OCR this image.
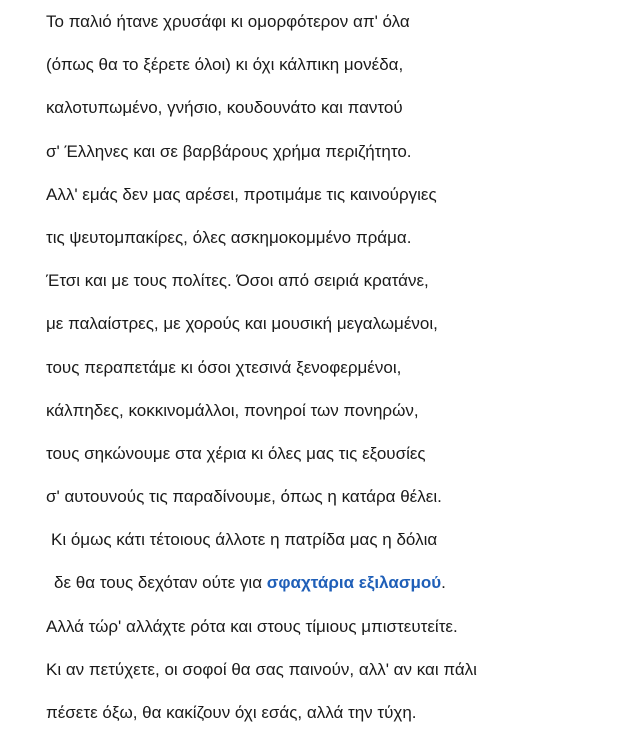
Το παλιό ήτανε χρυσάφι κι ομορφότερον απ' όλα
(όπως θα το ξέρετε όλοι) κι όχι κάλπικη μονέδα,
καλοτυπωμένο, γνήσιο, κουδουνάτο και παντού
σ' Έλληνες και σε βαρβάρους χρήμα περιζήτητο.
Αλλ' εμάς δεν μας αρέσει, προτιμάμε τις καινούργιες
τις ψευτομπακίρες, όλες ασκημοκομμένο πράμα.
Έτσι και με τους πολίτες. Όσοι από σειριά κρατάνε,
με παλαίστρες, με χορούς και μουσική μεγαλωμένοι,
τους περαπετάμε κι όσοι χτεσινά ξενοφερμένοι,
κάλπηδες, κοκκινομάλλοι, πονηροί των πονηρών,
τους σηκώνουμε στα χέρια κι όλες μας τις εξουσίες
σ' αυτουνούς τις παραδίνουμε, όπως η κατάρα θέλει.
Κι όμως κάτι τέτοιους άλλοτε η πατρίδα μας η δόλια
δε θα τους δεχόταν ούτε για σφαχτάρια εξιλασμού.
Αλλά τώρ' αλλάχτε ρότα και στους τίμιους μπιστευτείτε.
Κι αν πετύχετε, οι σοφοί θα σας παινούν, αλλ' αν και πάλι
πέσετε όξω, θα κακίζουν όχι εσάς, αλλά την τύχη.
